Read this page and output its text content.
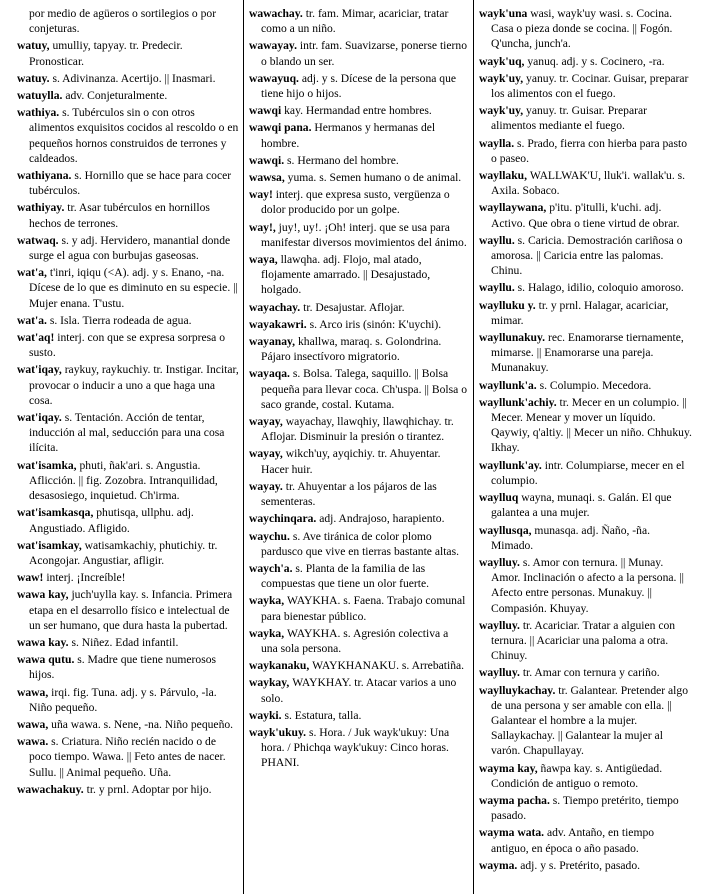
por medio de agüeros o sortilegios o por conjeturas.
watuy, umulliy, tapyay. tr. Predecir. Pronosticar.
watuy. s. Adivinanza. Acertijo. || Inasmari.
watuylla. adv. Conjeturalmente.
wathiya. s. Tubérculos sin o con otros alimentos exquisitos cocidos al rescoldo o en pequeños hornos construidos de terrones y caldeados.
wathiyana. s. Hornillo que se hace para cocer tubérculos.
wathiyay. tr. Asar tubérculos en hornillos hechos de terrones.
watwaq. s. y adj. Hervidero, manantial donde surge el agua con burbujas gaseosas.
wat'a, t'inri, iqiqu (<A). adj. y s. Enano, -na. Dícese de lo que es diminuto en su especie. || Mujer enana. T'ustu.
wat'a. s. Isla. Tierra rodeada de agua.
wat'aq! interj. con que se expresa sorpresa o susto.
wat'iqay, raykuy, raykuchiy. tr. Instigar. Incitar, provocar o inducir a uno a que haga una cosa.
wat'iqay. s. Tentación. Acción de tentar, inducción al mal, seducción para una cosa ilícita.
wat'isamka, phuti, ñak'ari. s. Angustia. Aflicción. || fig. Zozobra. Intranquilidad, desasosiego, inquietud. Ch'irma.
wat'isamkasqa, phutisqa, ullphu. adj. Angustiado. Afligido.
wat'isamkay, watisamkachiy, phutichiy. tr. Acongojar. Angustiar, afligir.
waw! interj. ¡Increíble!
wawa kay, juch'uylla kay. s. Infancia. Primera etapa en el desarrollo físico e intelectual de un ser humano, que dura hasta la pubertad.
wawa kay. s. Niñez. Edad infantil.
wawa qutu. s. Madre que tiene numerosos hijos.
wawa, irqi. fig. Tuna. adj. y s. Párvulo, -la. Niño pequeño.
wawa, uña wawa. s. Nene, -na. Niño pequeño.
wawa. s. Criatura. Niño recién nacido o de poco tiempo. Wawa. || Feto antes de nacer. Sullu. || Animal pequeño. Uña.
wawachakuy. tr. y prnl. Adoptar por hijo.
wawachay. tr. fam. Mimar, acariciar, tratar como a un niño.
wawayay. intr. fam. Suavizarse, ponerse tierno o blando un ser.
wawayuq. adj. y s. Dícese de la persona que tiene hijo o hijos.
wawqi kay. Hermandad entre hombres.
wawqi pana. Hermanos y hermanas del hombre.
wawqi. s. Hermano del hombre.
wawsa, yuma. s. Semen humano o de animal.
way! interj. que expresa susto, vergüenza o dolor producido por un golpe.
way!, juy!, uy!. ¡Oh! interj. que se usa para manifestar diversos movimientos del ánimo.
waya, llawqha. adj. Flojo, mal atado, flojamente amarrado. || Desajustado, holgado.
wayachay. tr. Desajustar. Aflojar.
wayakawri. s. Arco iris (sinón: K'uychi).
wayanay, khallwa, maraq. s. Golondrina. Pájaro insectívoro migratorio.
wayaqa. s. Bolsa. Talega, saquillo. || Bolsa pequeña para llevar coca. Ch'uspa. || Bolsa o saco grande, costal. Kutama.
wayay, wayachay, llawqhiy, llawqhichay. tr. Aflojar. Disminuir la presión o tirantez.
wayay, wikch'uy, ayqichiy. tr. Ahuyentar. Hacer huir.
wayay. tr. Ahuyentar a los pájaros de las sementeras.
waychinqara. adj. Andrajoso, harapiento.
waychu. s. Ave tiránica de color plomo pardusco que vive en tierras bastante altas.
waych'a. s. Planta de la familia de las compuestas que tiene un olor fuerte.
wayka, WAYKHA. s. Faena. Trabajo comunal para bienestar público.
wayka, WAYKHA. s. Agresión colectiva a una sola persona.
waykanaku, WAYKHANAKU. s. Arrebatiña.
waykay, WAYKHAY. tr. Atacar varios a uno solo.
wayki. s. Estatura, talla.
wayk'ukuy. s. Hora. / Juk wayk'ukuy: Una hora. / Phichqa wayk'ukuy: Cinco horas. PHANI.
wayk'una wasi, wayk'uy wasi. s. Cocina. Casa o pieza donde se cocina. || Fogón. Q'uncha, junch'a.
wayk'uq, yanuq. adj. y s. Cocinero, -ra.
wayk'uy, yanuy. tr. Cocinar. Guisar, preparar los alimentos con el fuego.
wayk'uy, yanuy. tr. Guisar. Preparar alimentos mediante el fuego.
waylla. s. Prado, fierra con hierba para pasto o paseo.
wayllaku, WALLWAK'U, lluk'i. wallak'u. s. Axila. Sobaco.
wayllaywana, p'itu. p'itulli, k'uchi. adj. Activo. Que obra o tiene virtud de obrar.
wayllu. s. Caricia. Demostración cariñosa o amorosa. || Caricia entre las palomas. Chinu.
wayllu. s. Halago, idilio, coloquio amoroso.
waylluku y. tr. y prnl. Halagar, acariciar, mimar.
wayllunakuy. rec. Enamorarse tiernamente, mimarse. || Enamorarse una pareja. Munanakuy.
wayllunk'a. s. Columpio. Mecedora.
wayllunk'achiy. tr. Mecer en un columpio. || Mecer. Menear y mover un líquido. Qaywiy, q'altiy. || Mecer un niño. Chhukuy. Ikhay.
wayllunk'ay. intr. Columpiarse, mecer en el columpio.
waylluq wayna, munaqi. s. Galán. El que galantea a una mujer.
wayllusqa, munasqa. adj. Ñaño, -ña. Mimado.
waylluy. s. Amor con ternura. || Munay. Amor. Inclinación o afecto a la persona. || Afecto entre personas. Munakuy. || Compasión. Khuyay.
waylluy. tr. Acariciar. Tratar a alguien con ternura. || Acariciar una paloma a otra. Chinuy.
waylluy. tr. Amar con ternura y cariño.
waylluykachay. tr. Galantear. Pretender algo de una persona y ser amable con ella. || Galantear el hombre a la mujer. Sallaykachay. || Galantear la mujer al varón. Chapullayay.
wayma kay, ñawpa kay. s. Antigüedad. Condición de antiguo o remoto.
wayma pacha. s. Tiempo pretérito, tiempo pasado.
wayma wata. adv. Antaño, en tiempo antiguo, en época o año pasado.
wayma. adj. y s. Pretérito, pasado.
